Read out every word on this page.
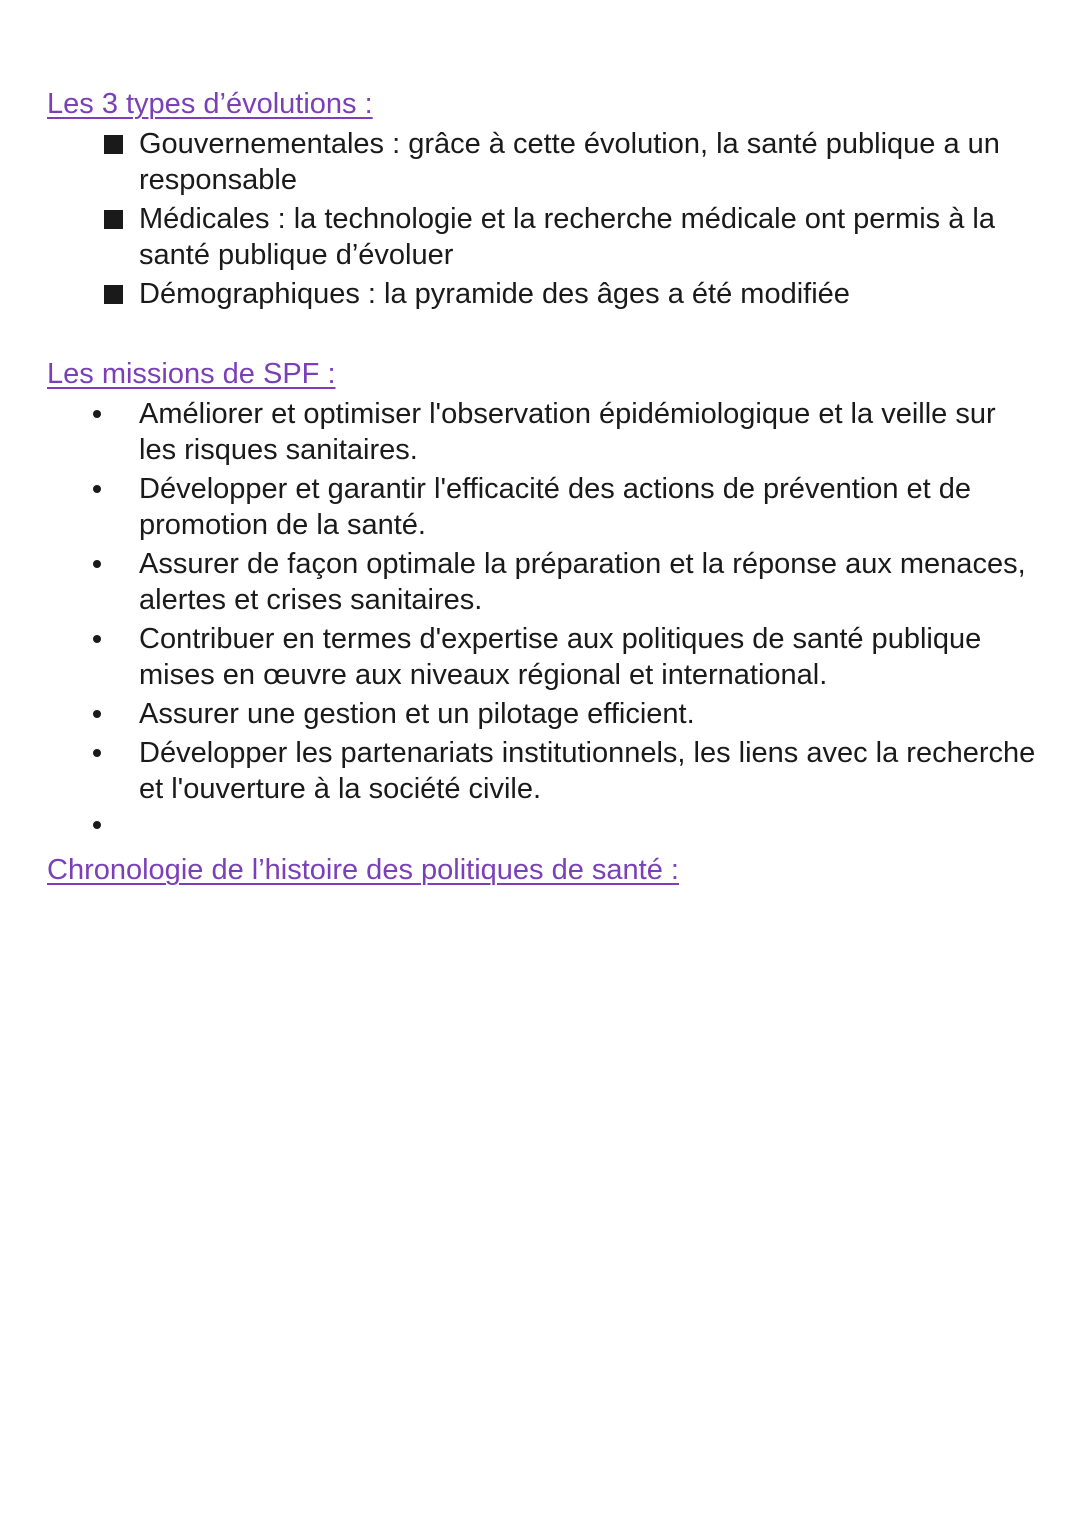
Les 3 types d’évolutions :
Gouvernementales : grâce à cette évolution, la santé publique a un responsable
Médicales : la technologie et la recherche médicale ont permis à la santé publique d’évoluer
Démographiques : la pyramide des âges a été modifiée
Les missions de SPF :
Améliorer et optimiser l'observation épidémiologique et la veille sur les risques sanitaires.
Développer et garantir l'efficacité des actions de prévention et de promotion de la santé.
Assurer de façon optimale la préparation et la réponse aux menaces, alertes et crises sanitaires.
Contribuer en termes d'expertise aux politiques de santé publique mises en œuvre aux niveaux régional et international.
Assurer une gestion et un pilotage efficient.
Développer les partenariats institutionnels, les liens avec la recherche et l'ouverture à la société civile.
Chronologie de l’histoire des politiques de santé :
